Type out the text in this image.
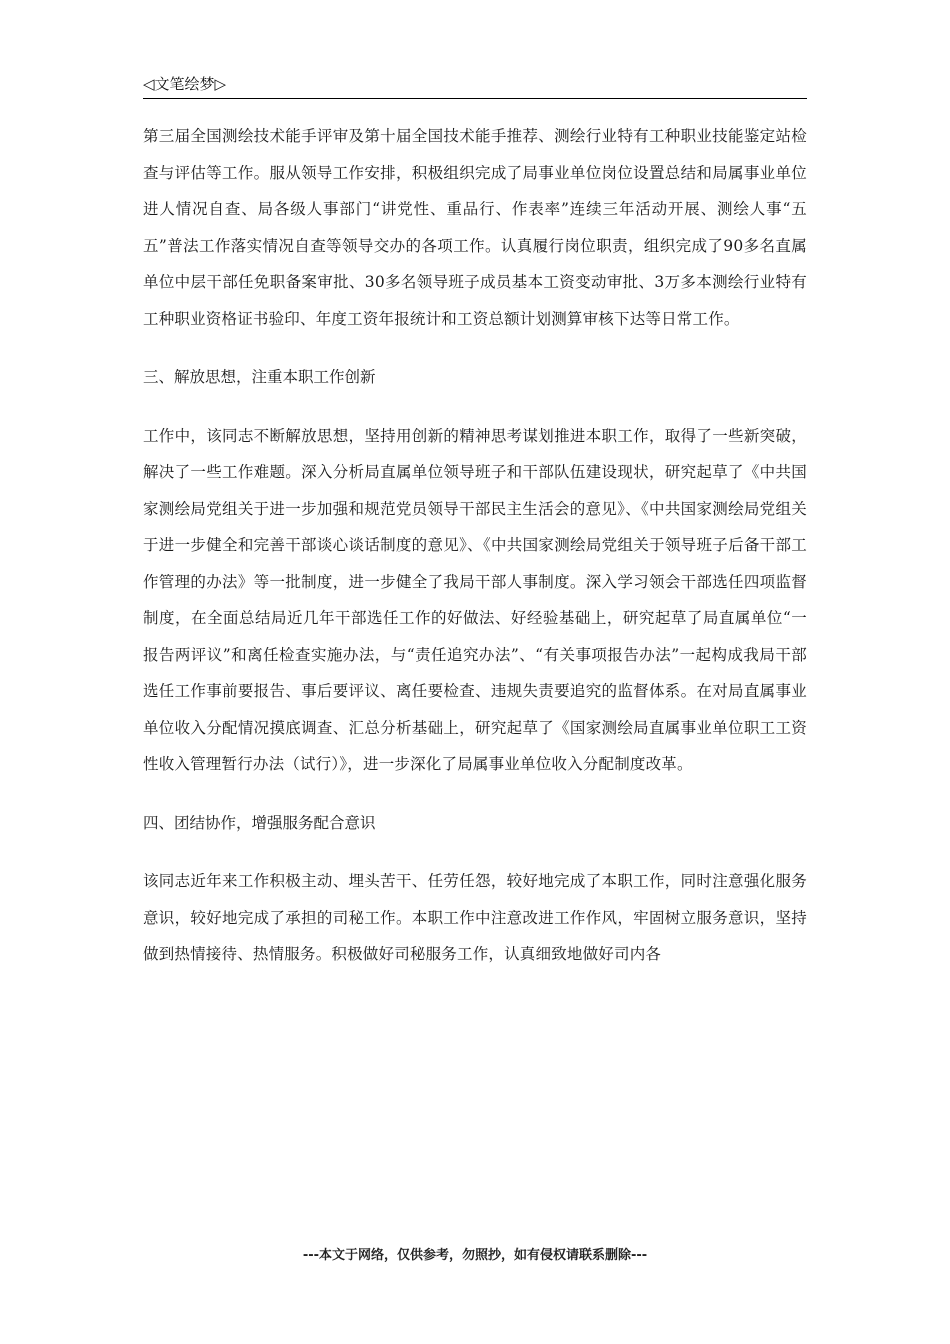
◁文笔绘梦▷

第三届全国测绘技术能手评审及第十届全国技术能手推荐、测绘行业特有工种职业技能鉴定站检查与评估等工作。服从领导工作安排，积极组织完成了局事业单位岗位设置总结和局属事业单位进人情况自查、局各级人事部门“讲党性、重品行、作表率”连续三年活动开展、测绘人事“五五”普法工作落实情况自查等领导交办的各项工作。认真履行岗位职责，组织完成了90多名直属单位中层干部任免职备案审批、30多名领导班子成员基本工资变动审批、3万多本测绘行业特有工种职业资格证书验印、年度工资年报统计和工资总额计划测算审核下达等日常工作。

三、解放思想，注重本职工作创新

工作中，该同志不断解放思想，坚持用创新的精神思考谋划推进本职工作，取得了一些新突破，解决了一些工作难题。深入分析局直属单位领导班子和干部队伍建设现状，研究起草了《中共国家测绘局党组关于进一步加强和规范党员领导干部民主生活会的意见》、《中共国家测绘局党组关于进一步健全和完善干部谈心谈话制度的意见》、《中共国家测绘局党组关于领导班子后备干部工作管理的办法》等一批制度，进一步健全了我局干部人事制度。深入学习领会干部选任四项监督制度，在全面总结局近几年干部选任工作的好做法、好经验基础上，研究起草了局直属单位“一报告两评议”和离任检查实施办法，与“责任追究办法”、“有关事项报告办法”一起构成我局干部选任工作事前要报告、事后要评议、离任要检查、违规失责要追究的监督体系。在对局直属事业单位收入分配情况摸底调查、汇总分析基础上，研究起草了《国家测绘局直属事业单位职工工资性收入管理暂行办法（试行）》，进一步深化了局属事业单位收入分配制度改革。

四、团结协作，增强服务配合意识

该同志近年来工作积极主动、埋头苦干、任劳任怨，较好地完成了本职工作，同时注意强化服务意识，较好地完成了承担的司秘工作。本职工作中注意改进工作作风，牢固树立服务意识，坚持做到热情接待、热情服务。积极做好司秘服务工作，认真细致地做好司内各

---本文于网络，仅供参考，勿照抄，如有侵权请联系删除---
